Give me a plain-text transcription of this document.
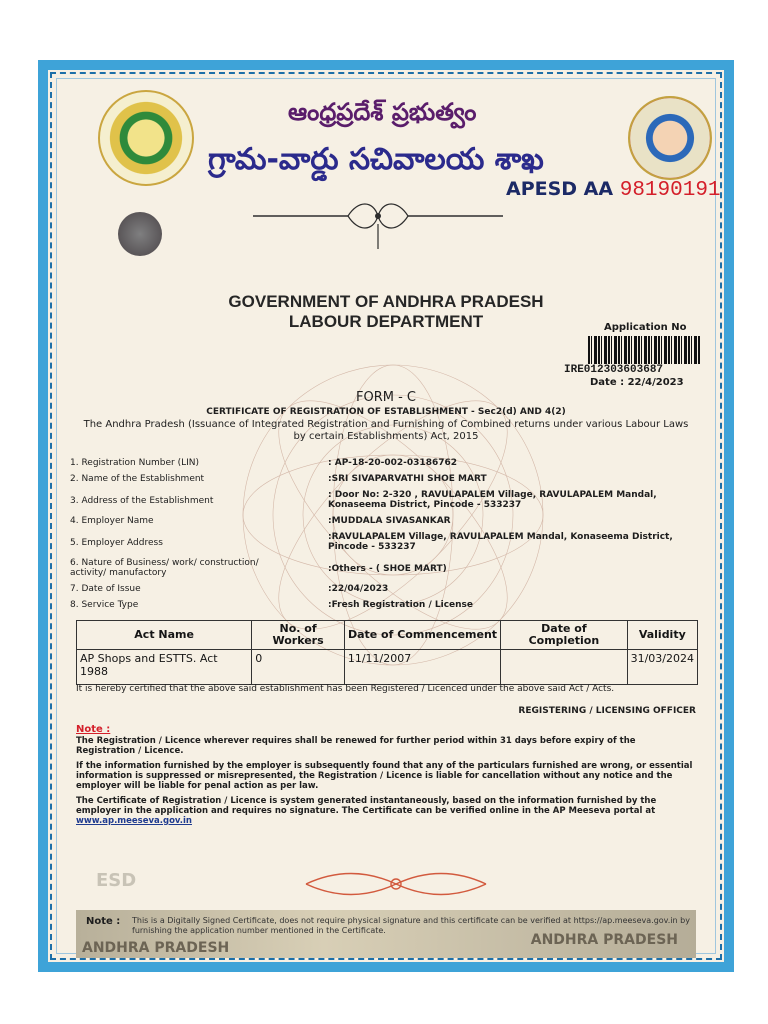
ఆంధ్రప్రదేశ్ ప్రభుత్వం
గ్రామ-వార్డు సచివాలయ శాఖ
APESD AA 98190191
GOVERNMENT OF ANDHRA PRADESH
LABOUR DEPARTMENT	Application No
IRE012303603687
Date : 22/4/2023
FORM - C
CERTIFICATE OF REGISTRATION OF ESTABLISHMENT - Sec2(d) AND 4(2)
The Andhra Pradesh (Issuance of Integrated Registration and Furnishing of Combined returns under various Labour Laws by certain Establishments) Act, 2015
1. Registration Number (LIN)	: AP-18-20-002-03186762
2. Name of the Establishment	:SRI SIVAPARVATHI SHOE MART
3. Address of the Establishment
: Door No: 2-320 , RAVULAPALEM Village, RAVULAPALEM Mandal, Konaseema District, Pincode - 533237
4. Employer Name	:MUDDALA SIVASANKAR
5. Employer Address
:RAVULAPALEM Village, RAVULAPALEM Mandal, Konaseema District, Pincode - 533237
6. Nature of Business/ work/ construction/ activity/ manufactory	:Others - ( SHOE MART)
7. Date of Issue	:22/04/2023
8. Service Type	:Fresh Registration / License
Act Name	No. of Workers	Date of Commencement	Date of Completion	Validity
AP Shops and ESTTS. Act 1988	0	11/11/2007		31/03/2024
It is hereby certified that the above said establishment has been Registered / Licenced under the above said Act / Acts.
REGISTERING / LICENSING OFFICER
Note :

The Registration / Licence wherever requires shall be renewed for further period within 31 days before expiry of the Registration / Licence.

If the information furnished by the employer is subsequently found that any of the particulars furnished are wrong, or essential information is suppressed or misrepresented, the Registration / Licence is liable for cancellation without any notice and the employer will be liable for penal action as per law.

The Certificate of Registration / Licence is system generated instantaneously, based on the information furnished by the employer in the application and requires no signature. The Certificate can be verified online in the AP Meeseva portal at
www.ap.meeseva.gov.in

ESD
Note : This is a Digitally Signed Certificate, does not require physical signature and this certificate can be verified at https://ap.meeseva.gov.in by furnishing the application number mentioned in the Certificate.
ANDHRA PRADESH	ANDHRA PRADESH
